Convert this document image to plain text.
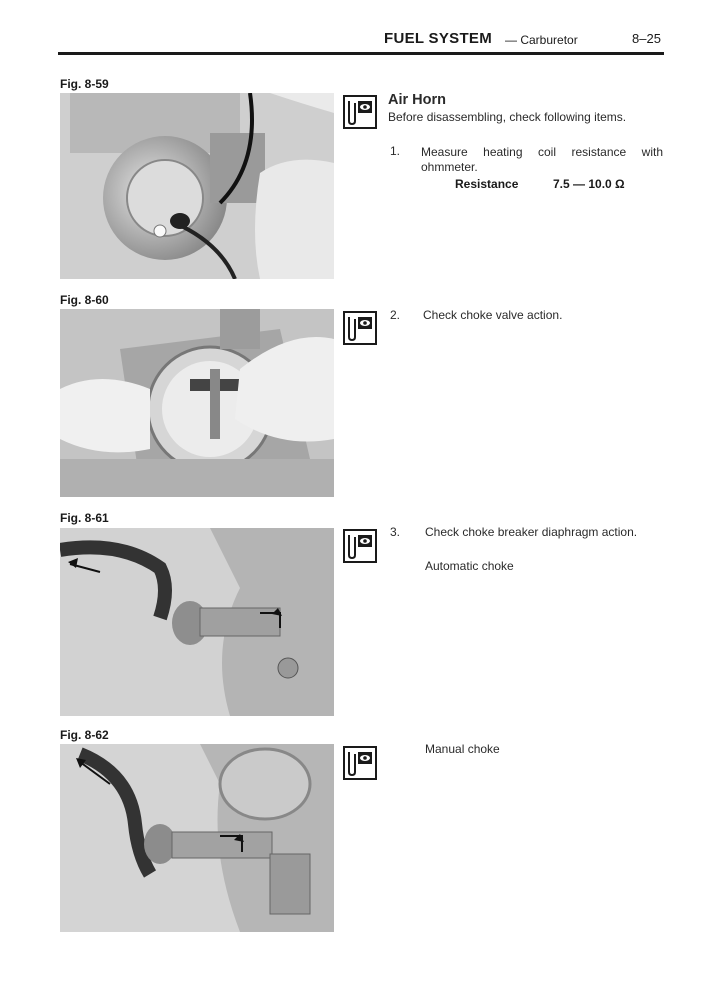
FUEL SYSTEM — Carburetor	8–25
Fig. 8-59
Air Horn
Before disassembling, check following items.
1. Measure heating coil resistance with
ohmmeter.
Resistance	7.5 — 10.0 Ω
Fig. 8-60
2. Check choke valve action.
Fig. 8-61
3. Check choke breaker diaphragm action.
Automatic choke
Fig. 8-62
Manual choke
